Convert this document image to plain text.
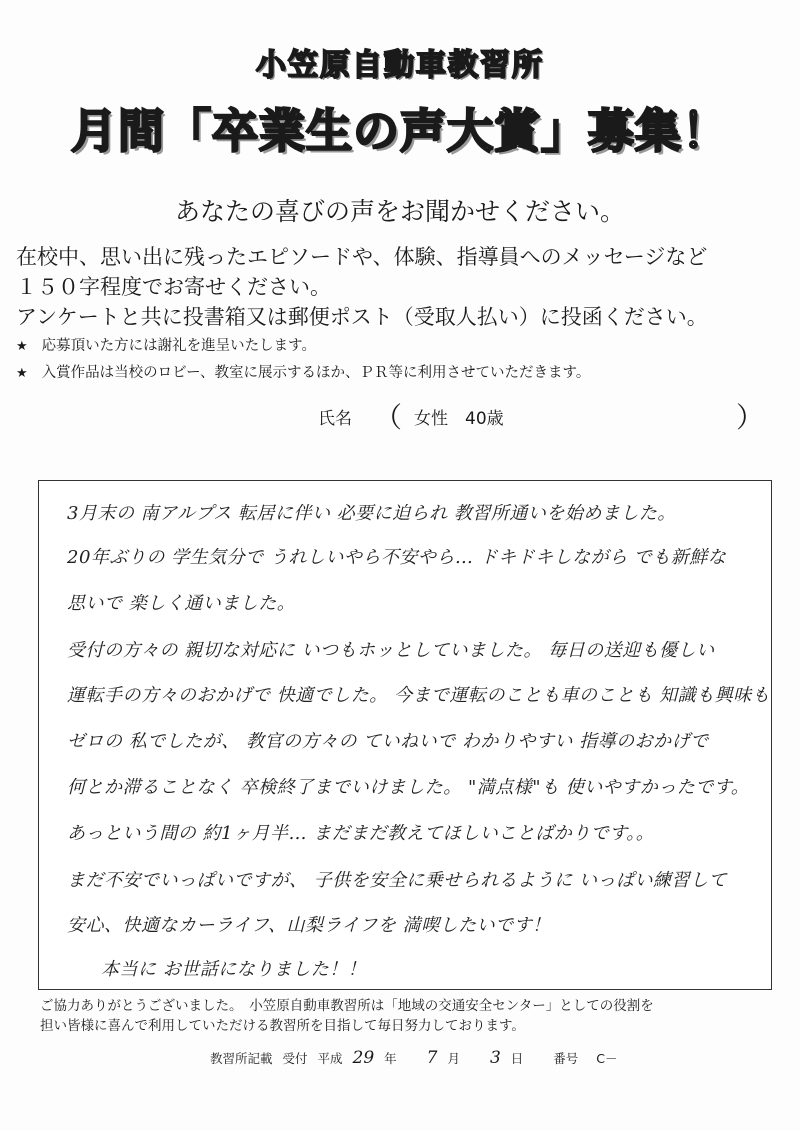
小笠原自動車教習所
月間「卒業生の声大賞」募集！
あなたの喜びの声をお聞かせください。
在校中、思い出に残ったエピソードや、体験、指導員へのメッセージなど
１５０字程度でお寄せください。
アンケートと共に投書箱又は郵便ポスト（受取人払い）に投函ください。
★ 応募頂いた方には謝礼を進呈いたします。
★ 入賞作品は当校のロビー、教室に展示するほか、ＰＲ等に利用させていただきます。
氏名 （ 女性　40歳	）
3月末の 南アルプス 転居に伴い 必要に迫られ 教習所通いを始めました。
20年ぶりの 学生気分で うれしいやら不安やら… ドキドキしながら でも新鮮な
思いで 楽しく通いました。
受付の方々の 親切な対応に いつもホッとしていました。 毎日の送迎も優しい
運転手の方々のおかげで 快適でした。 今まで運転のことも車のことも 知識も興味も
ゼロの 私でしたが、 教官の方々の ていねいで わかりやすい 指導のおかげで
何とか滞ることなく 卒検終了までいけました。 "満点様"も 使いやすかったです。
あっという間の 約1ヶ月半… まだまだ教えてほしいことばかりです。。
まだ不安でいっぱいですが、 子供を安全に乗せられるように いっぱい練習して
安心、快適なカーライフ、山梨ライフを 満喫したいです！
本当に お世話になりました！！
ご協力ありがとうございました。　小笠原自動車教習所は「地域の交通安全センター」としての役割を
担い皆様に喜んで利用していただける教習所を目指して毎日努力しております。
教習所記載 受付 平成 29 年 7 月 3 日 番号 C－
